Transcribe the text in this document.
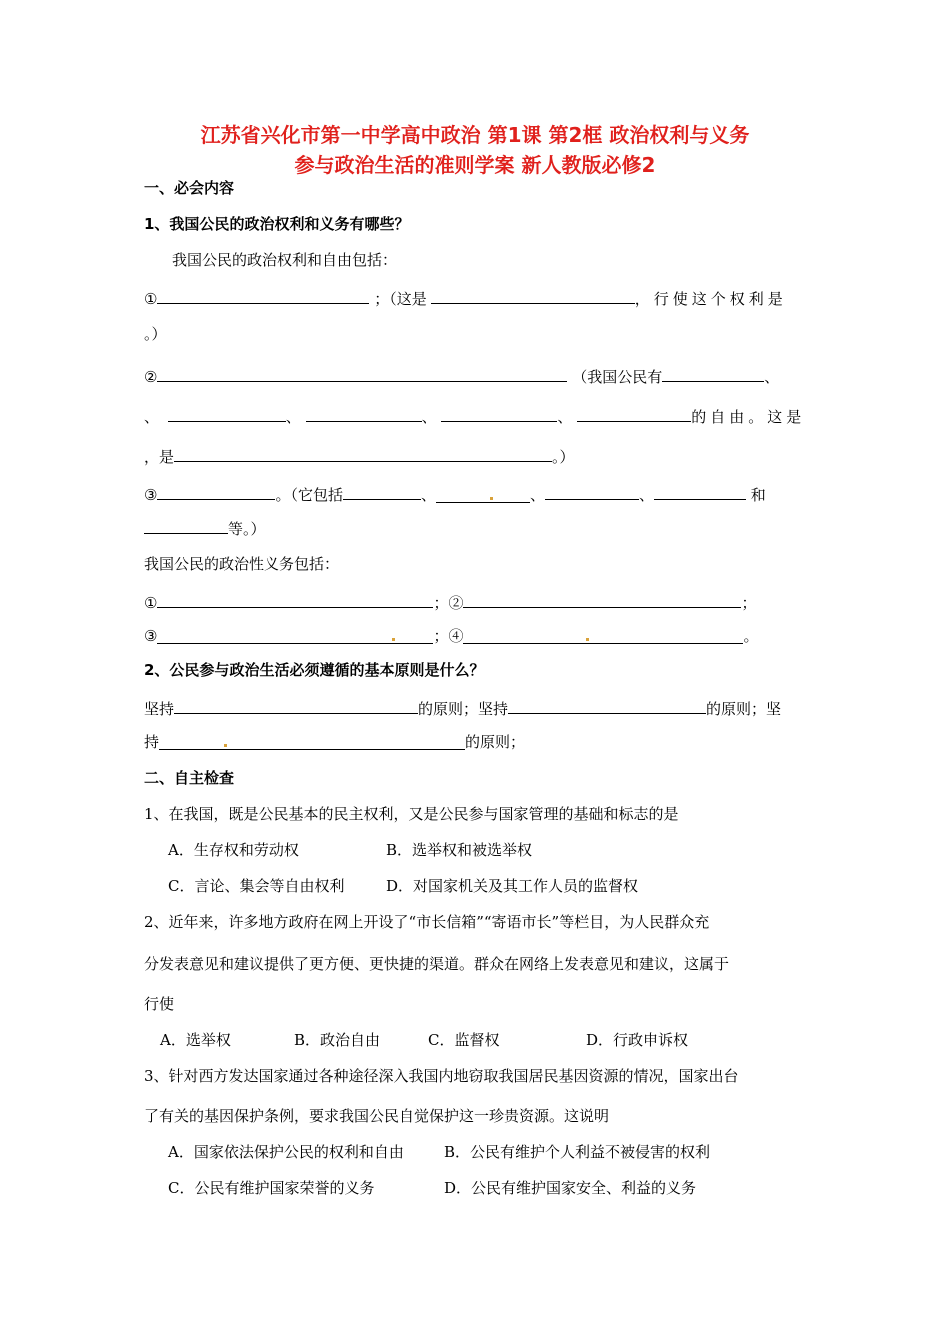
江苏省兴化市第一中学高中政治 第1课 第2框 政治权利与义务
参与政治生活的准则学案 新人教版必修2
一、必会内容
1、我国公民的政治权利和义务有哪些？
我国公民的政治权利和自由包括：
①	；（这是	，行使这个权利是
。）
②	（我国公民有	、
、	、	、	、	的自由。这是
，是	。）
③	。（它包括	、	、	、	和
等。）
我国公民的政治性义务包括：
①	；②	；
③	；④	。
2、公民参与政治生活必须遵循的基本原则是什么？
坚持	的原则；坚持	的原则；坚
持	的原则；
二、自主检查
1、在我国，既是公民基本的民主权利，又是公民参与国家管理的基础和标志的是
A．生存权和劳动权	B．选举权和被选举权
C．言论、集会等自由权利	D．对国家机关及其工作人员的监督权
2、近年来，许多地方政府在网上开设了“市长信箱”“寄语市长”等栏目，为人民群众充
分发表意见和建议提供了更方便、更快捷的渠道。群众在网络上发表意见和建议，这属于
行使
A．选举权	B．政治自由	C．监督权	D．行政申诉权
3、针对西方发达国家通过各种途径深入我国内地窃取我国居民基因资源的情况，国家出台
了有关的基因保护条例，要求我国公民自觉保护这一珍贵资源。这说明
A．国家依法保护公民的权利和自由	B．公民有维护个人利益不被侵害的权利
C．公民有维护国家荣誉的义务	D．公民有维护国家安全、利益的义务
